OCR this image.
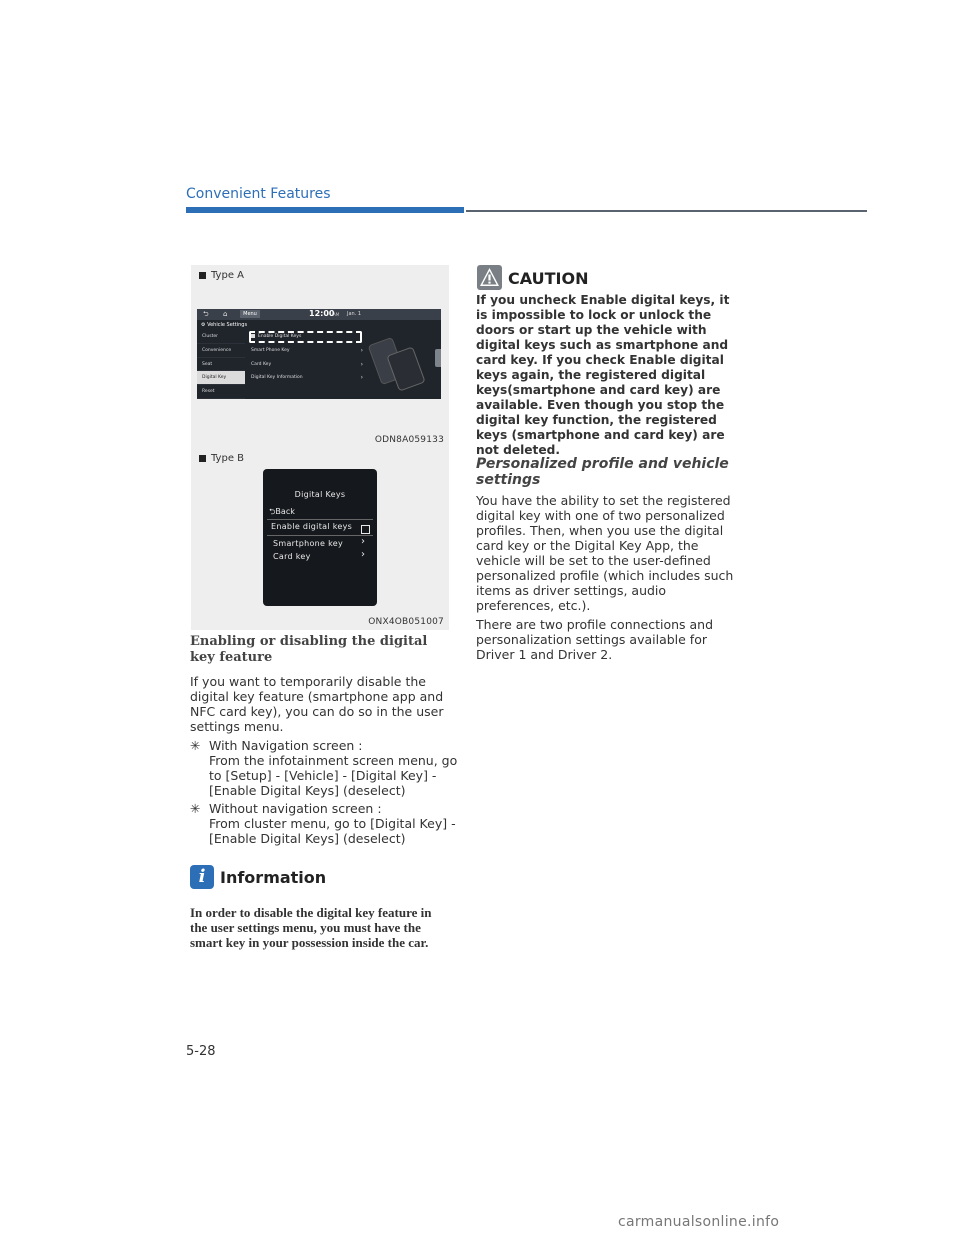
Convenient Features
Type A
⮌ ⌂	Menu	12:00
AM Jan. 1
⚙ Vehicle Settings
Cluster
Convenience
Seat
Digital Key
Reset
Enable Digital Keys
Smart Phone Key	›
Card Key	›
Digital Key Information	›
ODN8A059133
Type B
Digital Keys
⮌Back
Enable digital keys
Smartphone key ›
Card key	›
ONX4OB051007
Enabling or disabling the digital key feature

If you want to temporarily disable the digital key feature (smartphone app and NFC card key), you can do so in the user settings menu.

✳ With Navigation screen :
From the infotainment screen menu, go to [Setup] - [Vehicle] - [Digital Key] - [Enable Digital Keys] (deselect)
✳ Without navigation screen :
From cluster menu, go to [Digital Key] - [Enable Digital Keys] (deselect)
i Information
In order to disable the digital key feature in the user settings menu, you must have the smart key in your possession inside the car.
5-28
CAUTION
If you uncheck Enable digital keys, it is impossible to lock or unlock the doors or start up the vehicle with digital keys such as smartphone and card key. If you check Enable digital keys again, the registered digital keys(smartphone and card key) are available. Even though you stop the digital key function, the registered keys (smartphone and card key) are not deleted.
Personalized profile and vehicle settings

You have the ability to set the registered digital key with one of two personalized profiles. Then, when you use the digital card key or the Digital Key App, the vehicle will be set to the user-defined personalized profile (which includes such items as driver settings, audio preferences, etc.).

There are two profile connections and personalization settings available for Driver 1 and Driver 2.

carmanualsonline.info
